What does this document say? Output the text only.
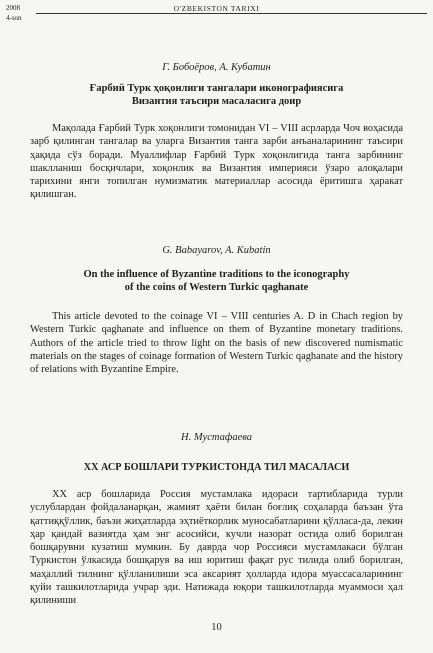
2008
4-son
O'ZBEKISTON TARIXI
Г. Бобоёров, А. Кубатин
Ғарбий Турк ҳоқонлиги тангалари иконографиясига
Византия таъсири масаласига доир

Мақолада Ғарбий Турк хоқонлиги томонидан VI – VIII асрларда Чоч воҳасида зарб қилинган тангалар ва уларга Византия танга зарби анъаналарининг таъсири ҳақида сўз боради. Муаллифлар Ғарбий Турк хоқонлигида танга зарбининг шаклланиш босқичлари, хоқонлик ва Византия империяси ўзаро алоқалари тарихини янги топилган нумизматик материаллар асосида ёритишга ҳаракат қилишган.

G. Babayarov, A. Kubatin
On the influence of Byzantine traditions to the iconography
of the coins of Western Turkic qaghanate

This article devoted to the coinage VI – VIII centuries A. D in Chach region by Western Turkic qaghanate and influence on them of Byzantine monetary traditions. Authors of the article tried to throw light on the basis of new discovered numismatic materials on the stages of coinage formation of Western Turkic qaghanate and the history of relations with Byzantine Empire.

Н. Мустафаева
XX АСР БОШЛАРИ ТУРКИСТОНДА ТИЛ МАСАЛАСИ

XX аср бошларида Россия мустамлака идораси тартибларида турли услублардан фойдаланарқан, жамият ҳаёти билан боғлиқ соҳаларда баъзан ўта қаттиққўллик, баъзи жиҳатларда эҳтиёткорлик муносабатларини қўлласа-да, лекин ҳар қандай вазиятда ҳам энг асосийси, кучли назорат остида олиб борилган бошқарувни кузатиш мумкин. Бу даврда чор Россияси мустамлакаси бўлган Туркистон ўлкасида бошқарув ва иш юритиш фақат рус тилида олиб борилган, маҳаллий тилнинг қўлланилиши эса аксарият ҳолларда идора муассасаларининг қуйи ташкилотларида учрар эди. Натижада юқори ташкилотларда муаммоси ҳал қилиниши

10
